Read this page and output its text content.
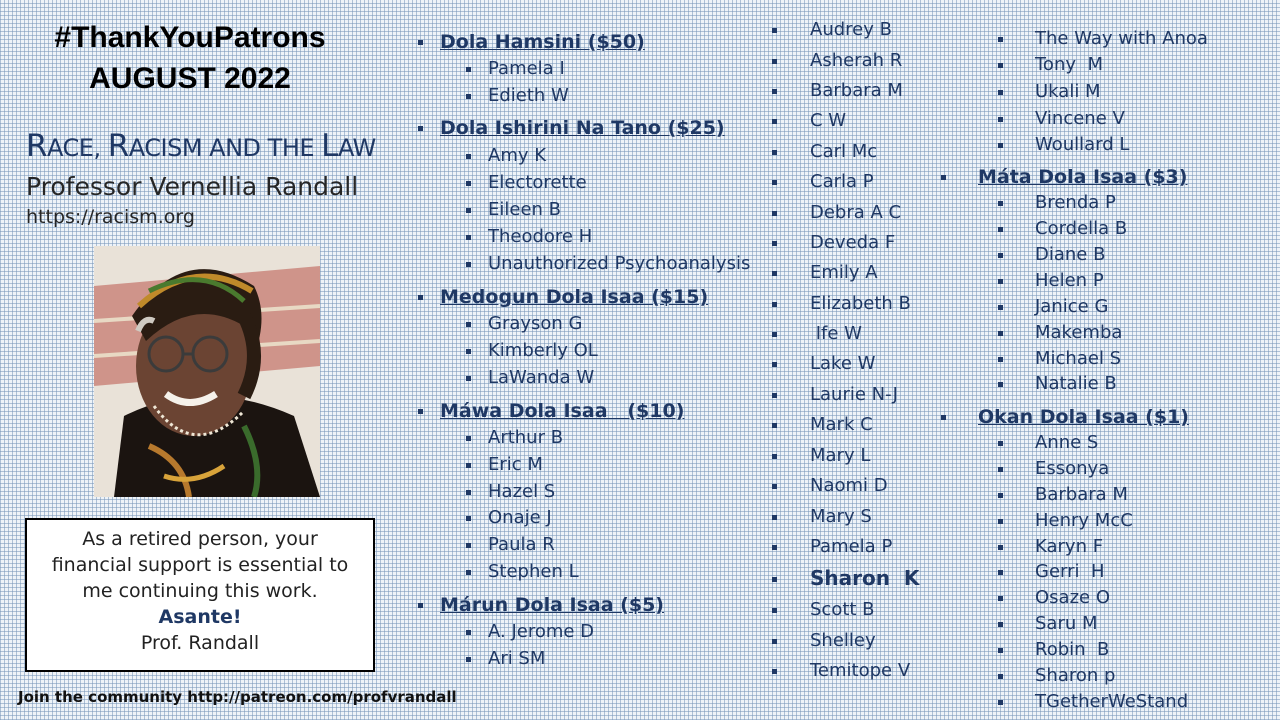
#ThankYouPatrons
AUGUST 2022
RACE, RACISM AND THE LAW
Professor Vernellia Randall
https://racism.org
As a retired person, your
financial support is essential to
me continuing this work.
Asante!
Prof. Randall
Join the community http://patreon.com/profvrandall
Dola Hamsini ($50)
Pamela I
Edieth W
Dola Ishirini Na Tano ($25)
Amy K
Electorette
Eileen B
Theodore H
Unauthorized Psychoanalysis
Medogun Dola Isaa ($15)
Grayson G
Kimberly OL
LaWanda W
Máwa Dola Isaa   ($10)
Arthur B
Eric M
Hazel S
Onaje J
Paula R
Stephen L
Márun Dola Isaa ($5)
A. Jerome D
Ari SM
Audrey B
Asherah R
Barbara M
C W
Carl Mc
Carla P
Debra A C
Deveda F
Emily A
Elizabeth B
Ife W
Lake W
Laurie N-J
Mark C
Mary L
Naomi D
Mary S
Pamela P
Sharon  K
Scott B
Shelley
Temitope V
The Way with Anoa
Tony  M
Ukali M
Vincene V
Woullard L
Máta Dola Isaa ($3)
Brenda P
Cordella B
Diane B
Helen P
Janice G
Makemba
Michael S
Natalie B
Okan Dola Isaa ($1)
Anne S
Essonya
Barbara M
Henry McC
Karyn F
Gerri  H
Osaze O
Saru M
Robin  B
Sharon p
TGetherWeStand
